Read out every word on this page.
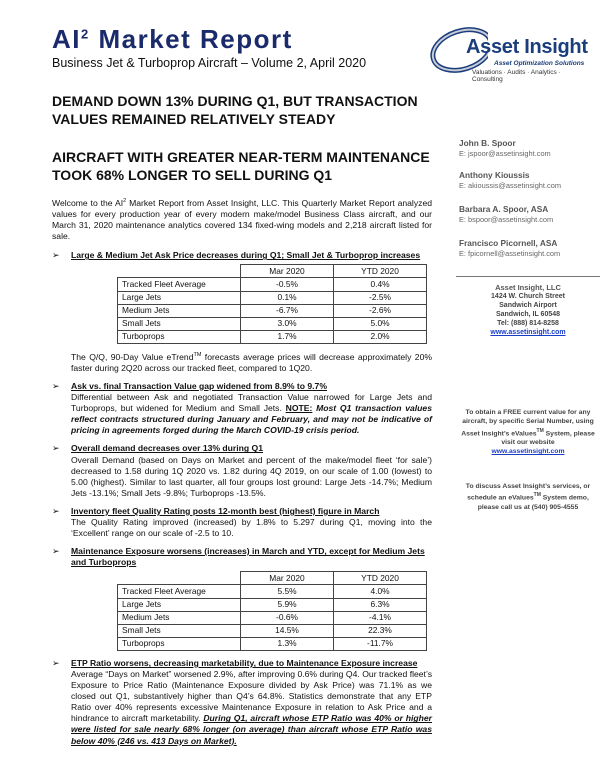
$AI^2$ Market Report
Business Jet & Turboprop Aircraft – Volume 2, April 2020
Asset Insight
Asset Optimization Solutions
Valuations · Audits · Analytics · Consulting
DEMAND DOWN 13% DURING Q1, BUT TRANSACTION VALUES REMAINED RELATIVELY STEADY
AIRCRAFT WITH GREATER NEAR-TERM MAINTENANCE TOOK 68% LONGER TO SELL DURING Q1

Welcome to the $AI^2$ Market Report from Asset Insight, LLC. This Quarterly Market Report analyzed values for every production year of every modern make/model Business Class aircraft, and our March 31, 2020 maintenance analytics covered 134 fixed-wing models and 2,218 aircraft listed for sale.

➢ Large & Medium Jet Ask Price decreases during Q1; Small Jet & Turboprop increases
	Mar 2020	YTD 2020
Tracked Fleet Average	-0.5%	0.4%
Large Jets	0.1%	-2.5%
Medium Jets	-6.7%	-2.6%
Small Jets	3.0%	5.0%
Turboprops	1.7%	2.0%
The Q/Q, 90-Day Value eTrend™ forecasts average prices will decrease approximately 20% faster during 2Q20 across our tracked fleet, compared to 1Q20.
➢ Ask vs. final Transaction Value gap widened from 8.9% to 9.7%
Differential between Ask and negotiated Transaction Value narrowed for Large Jets and Turboprops, but widened for Medium and Small Jets. NOTE: Most Q1 transaction values reflect contracts structured during January and February, and may not be indicative of pricing in agreements forged during the March COVID-19 crisis period.
➢ Overall demand decreases over 13% during Q1
Overall Demand (based on Days on Market and percent of the make/model fleet ‘for sale’) decreased to 1.58 during 1Q 2020 vs. 1.82 during 4Q 2019, on our scale of 1.00 (lowest) to 5.00 (highest). Similar to last quarter, all four groups lost ground: Large Jets -14.7%; Medium Jets -13.1%; Small Jets -9.8%; Turboprops -13.5%.
➢ Inventory fleet Quality Rating posts 12-month best (highest) figure in March
The Quality Rating improved (increased) by 1.8% to 5.297 during Q1, moving into the ‘Excellent’ range on our scale of -2.5 to 10.
➢ Maintenance Exposure worsens (increases) in March and YTD, except for Medium Jets and Turboprops
	Mar 2020	YTD 2020
Tracked Fleet Average	5.5%	4.0%
Large Jets	5.9%	6.3%
Medium Jets	-0.6%	-4.1%
Small Jets	14.5%	22.3%
Turboprops	1.3%	-11.7%
➢ ETP Ratio worsens, decreasing marketability, due to Maintenance Exposure increase
Average “Days on Market” worsened 2.9%, after improving 0.6% during Q4. Our tracked fleet’s Exposure to Price Ratio (Maintenance Exposure divided by Ask Price) was 71.1% as we closed out Q1, substantively higher than Q4’s 64.8%. Statistics demonstrate that any ETP Ratio over 40% represents excessive Maintenance Exposure in relation to Ask Price and a hindrance to aircraft marketability. During Q1, aircraft whose ETP Ratio was 40% or higher were listed for sale nearly 68% longer (on average) than aircraft whose ETP Ratio was below 40% (246 vs. 413 Days on Market).
John B. Spoor
E: jspoor@assetinsight.com
Anthony Kioussis
E: akioussis@assetinsight.com
Barbara A. Spoor, ASA
E: bspoor@assetinsight.com
Francisco Picornell, ASA
E: fpicornell@assetinsight.com
Asset Insight, LLC
1424 W. Church Street
Sandwich Airport
Sandwich, IL 60548
Tel: (888) 814-8258
www.assetinsight.com
To obtain a FREE current value for any aircraft, by specific Serial Number, using Asset Insight’s eValues™ System, please visit our website
www.assetinsight.com
To discuss Asset Insight’s services, or schedule an eValues™ System demo, please call us at (540) 905-4555
